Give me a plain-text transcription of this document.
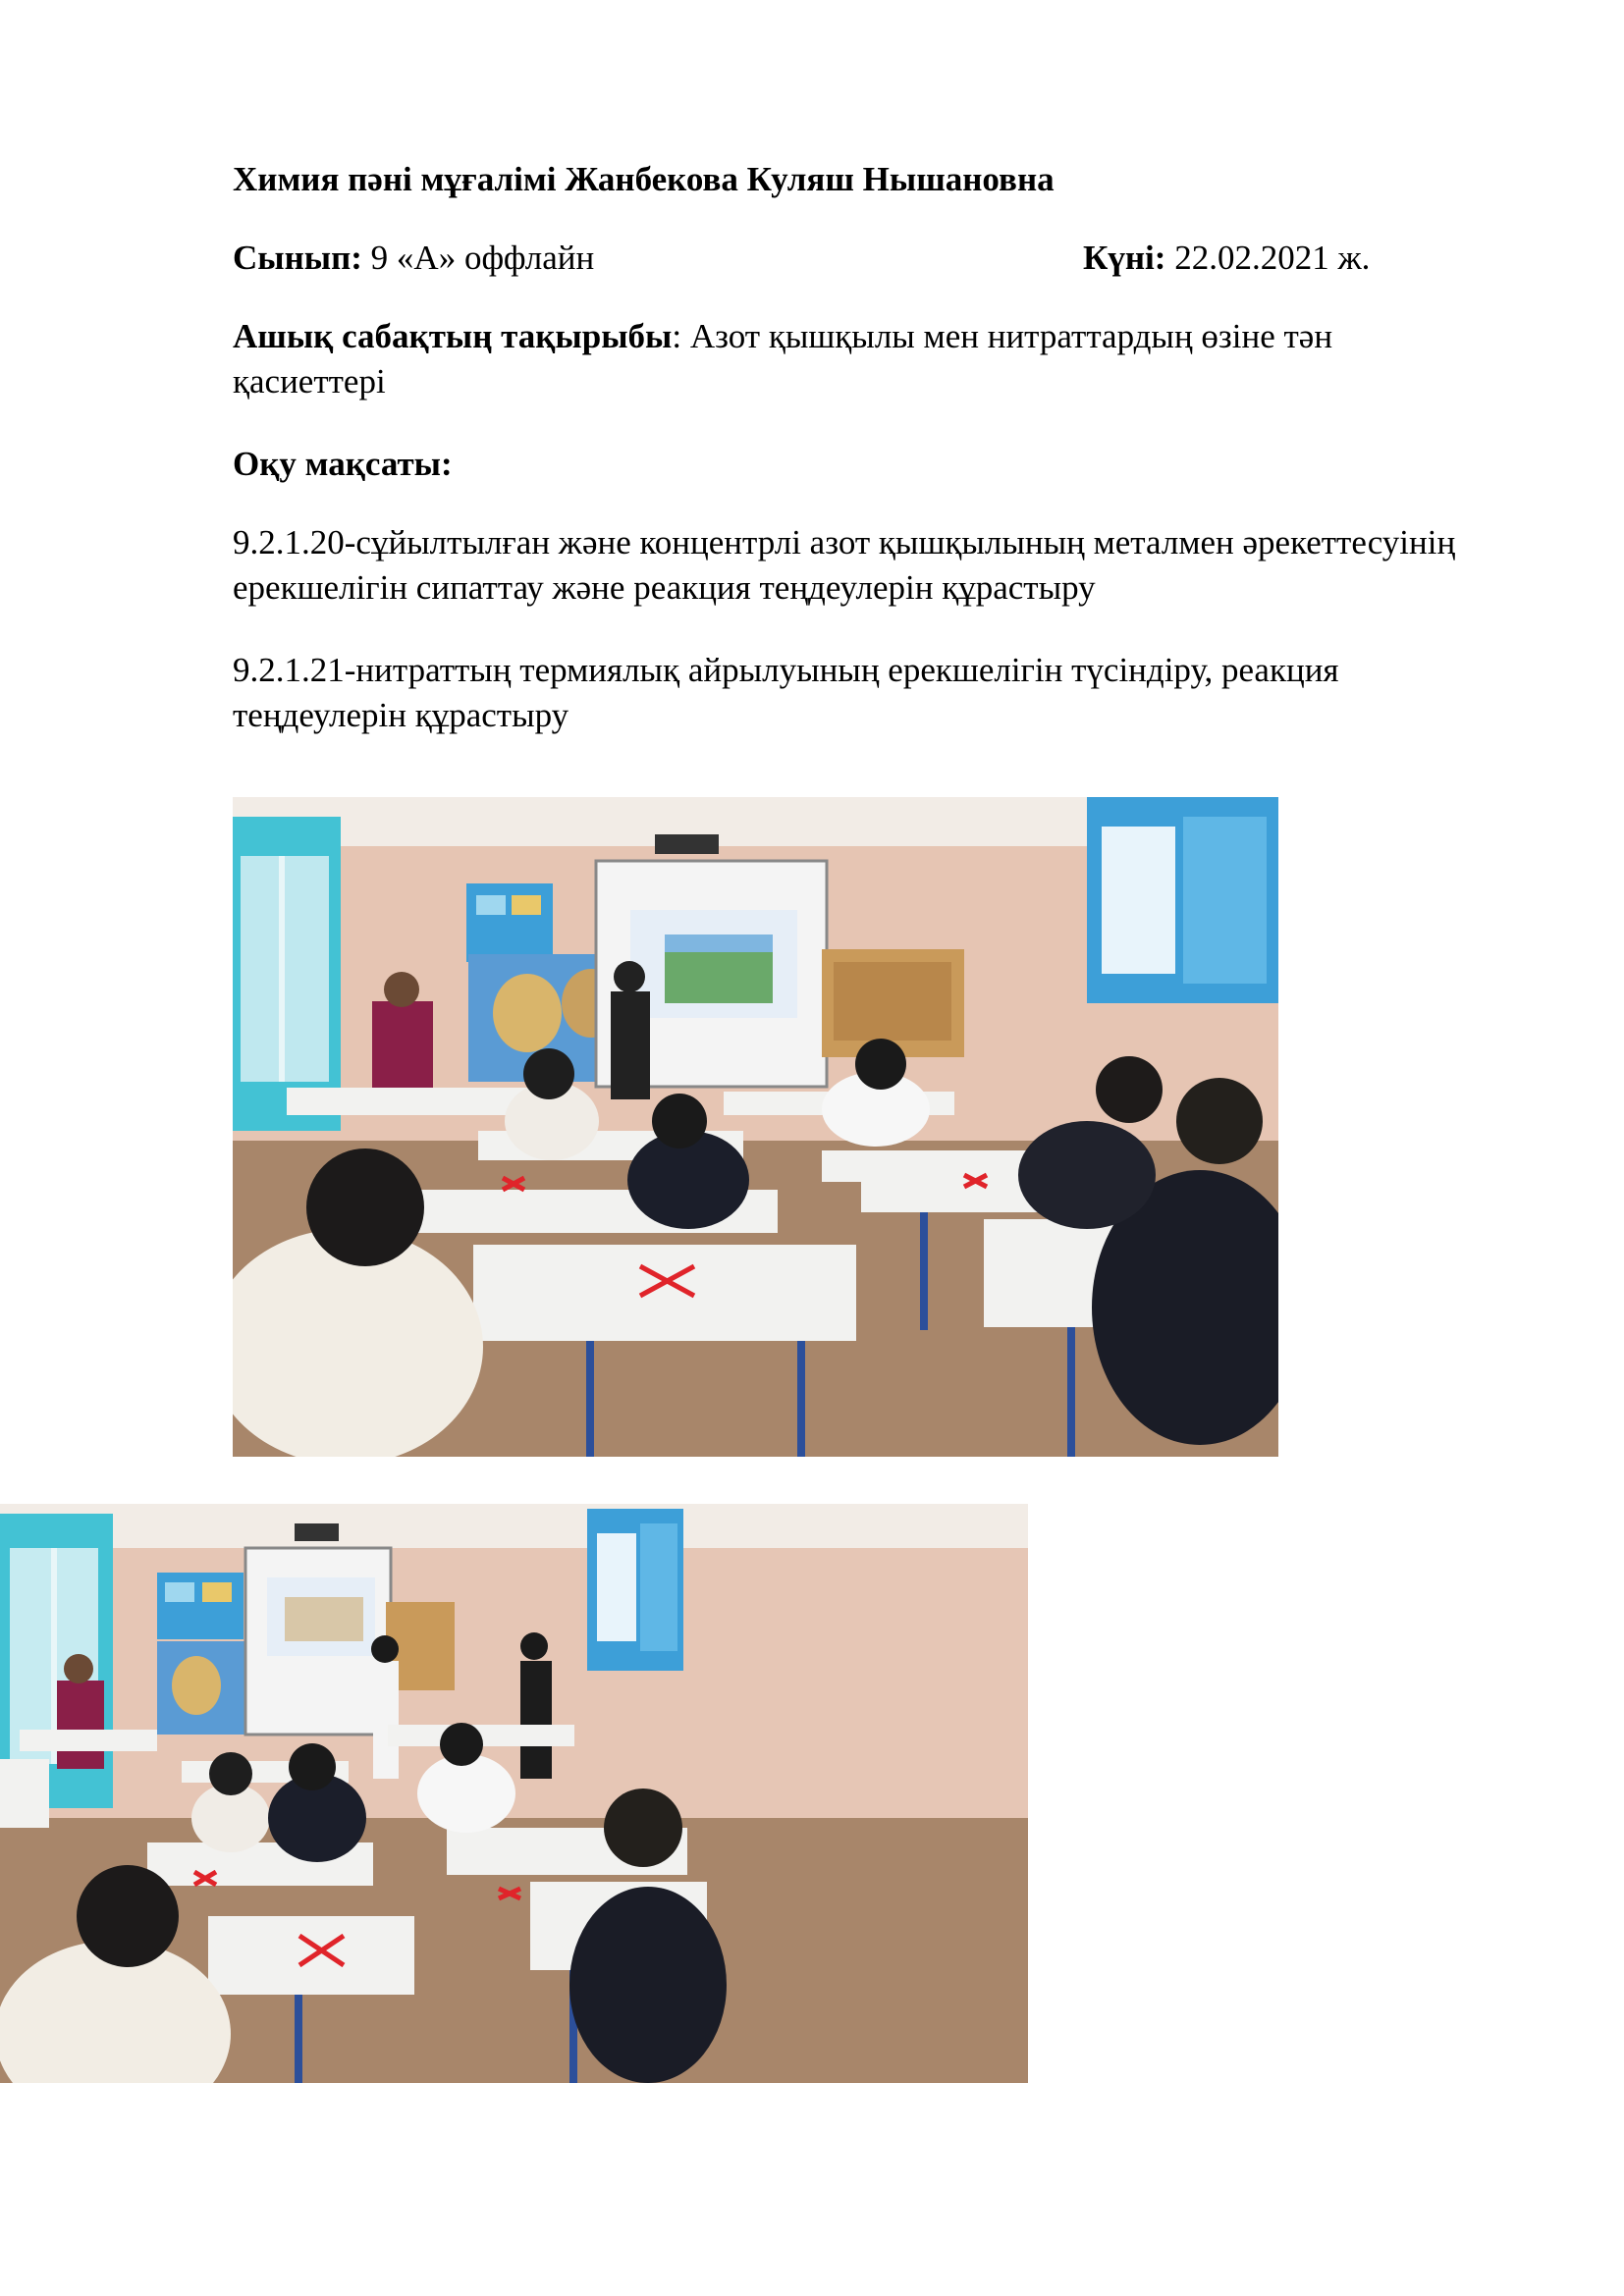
Химия пәні мұғалімі Жанбекова Куляш Нышановна

Сынып: 9 «А» оффлайн	Күні: 22.02.2021 ж.

Ашық сабақтың тақырыбы: Азот қышқылы мен нитраттардың өзіне тән қасиеттері

Оқу мақсаты:

9.2.1.20-сұйылтылған және концентрлі азот қышқылының металмен әрекеттесуінің ерекшелігін сипаттау және реакция теңдеулерін құрастыру

9.2.1.21-нитраттың термиялық айрылуының ерекшелігін түсіндіру, реакция теңдеулерін құрастыру
